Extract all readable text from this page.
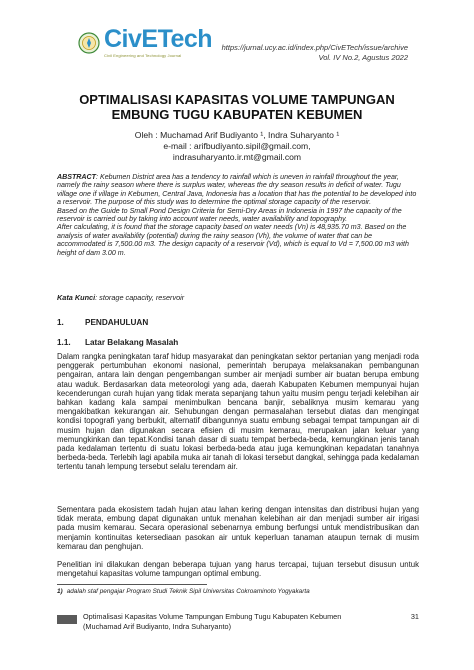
CivETech
Civil Engineering and Technology Journal
https://jurnal.ucy.ac.id/index.php/CivETech/issue/archive
Vol. IV No.2, Agustus 2022
OPTIMALISASI KAPASITAS VOLUME TAMPUNGAN
EMBUNG TUGU KABUPATEN KEBUMEN
Oleh : Muchamad Arif Budiyanto ¹, Indra Suharyanto ¹
e-mail : arifbudiyanto.sipil@gmail.com,
indrasuharyanto.ir.mt@gmail.com

ABSTRACT: Kebumen District area has a tendency to rainfall which is uneven in rainfall throughout the year, namely the rainy season where there is surplus water, whereas the dry season results in deficit of water. Tugu village one if village in Kebumen, Central Java, Indonesia has a location that has the potential to be developed into a reservoir. The purpose of this study was to determine the optimal storage capacity of the reservoir.

Based on the Guide to Small Pond Design Criteria for Semi-Dry Areas in Indonesia in 1997 the capacity of the reservoir is carried out by taking into account water needs, water availability and topography.

After calculating, it is found that the storage capacity based on water needs (Vn) is 48,935.70 m3. Based on the analysis of water availability (potential) during the rainy season (Vh), the volume of water that can be accommodated is 7,500.00 m3. The design capacity of a reservoir (Vd), which is equal to Vd = 7,500.00 m3 with height of dam 3.00 m.

Kata Kunci: storage capacity, reservoir
1.	PENDAHULUAN
1.1. Latar Belakang Masalah

Dalam rangka peningkatan taraf hidup masyarakat dan peningkatan sektor pertanian yang menjadi roda penggerak pertumbuhan ekonomi nasional, pemerintah berupaya melaksanakan pembangunan pengairan, antara lain dengan pengembangan sumber air menjadi sumber air buatan berupa embung atau waduk. Berdasarkan data meteorologi yang ada, daerah Kabupaten Kebumen mempunyai hujan kecenderungan curah hujan yang tidak merata sepanjang tahun yaitu musim pengu terjadi kelebihan air bahkan kadang kala sampai menimbulkan bencana banjir, sebaliknya musim kemarau yang mengakibatkan kekurangan air. Sehubungan dengan permasalahan tersebut diatas dan mengingat kondisi topografi yang berbukit, alternatif dibangunnya suatu embung sebagai tempat tampungan air di musim hujan dan digunakan secara efisien di musim kemarau, merupakan jalan keluar yang memungkinkan dan tepat.Kondisi tanah dasar di suatu tempat berbeda-beda, kemungkinan jenis tanah pada kedalaman tertentu di suatu lokasi berbeda-beda atau juga kemungkinan kepadatan tanahnya berbeda-beda. Terlebih lagi apabila muka air tanah di lokasi tersebut dangkal, sehingga pada kedalaman tertentu tanah lempung tersebut selalu terendam air.

Sementara pada ekosistem tadah hujan atau lahan kering dengan intensitas dan distribusi hujan yang tidak merata, embung dapat digunakan untuk menahan kelebihan air dan menjadi sumber air irigasi pada musim kemarau. Secara operasional sebenarnya embung berfungsi untuk mendistribusikan dan menjamin kontinuitas ketersediaan pasokan air untuk keperluan tanaman ataupun ternak di musim kemarau dan penghujan.

Penelitian ini dilakukan dengan beberapa tujuan yang harus tercapai, tujuan tersebut disusun untuk mengetahui kapasitas volume tampungan optimal embung.

1) adalah staf pengajar Program Studi Teknik Sipil Universitas Cokroaminoto Yogyakarta
Optimalisasi Kapasitas Volume Tampungan Embung Tugu Kabupaten Kebumen
(Muchamad Arif Budiyanto, Indra Suharyanto)
31
